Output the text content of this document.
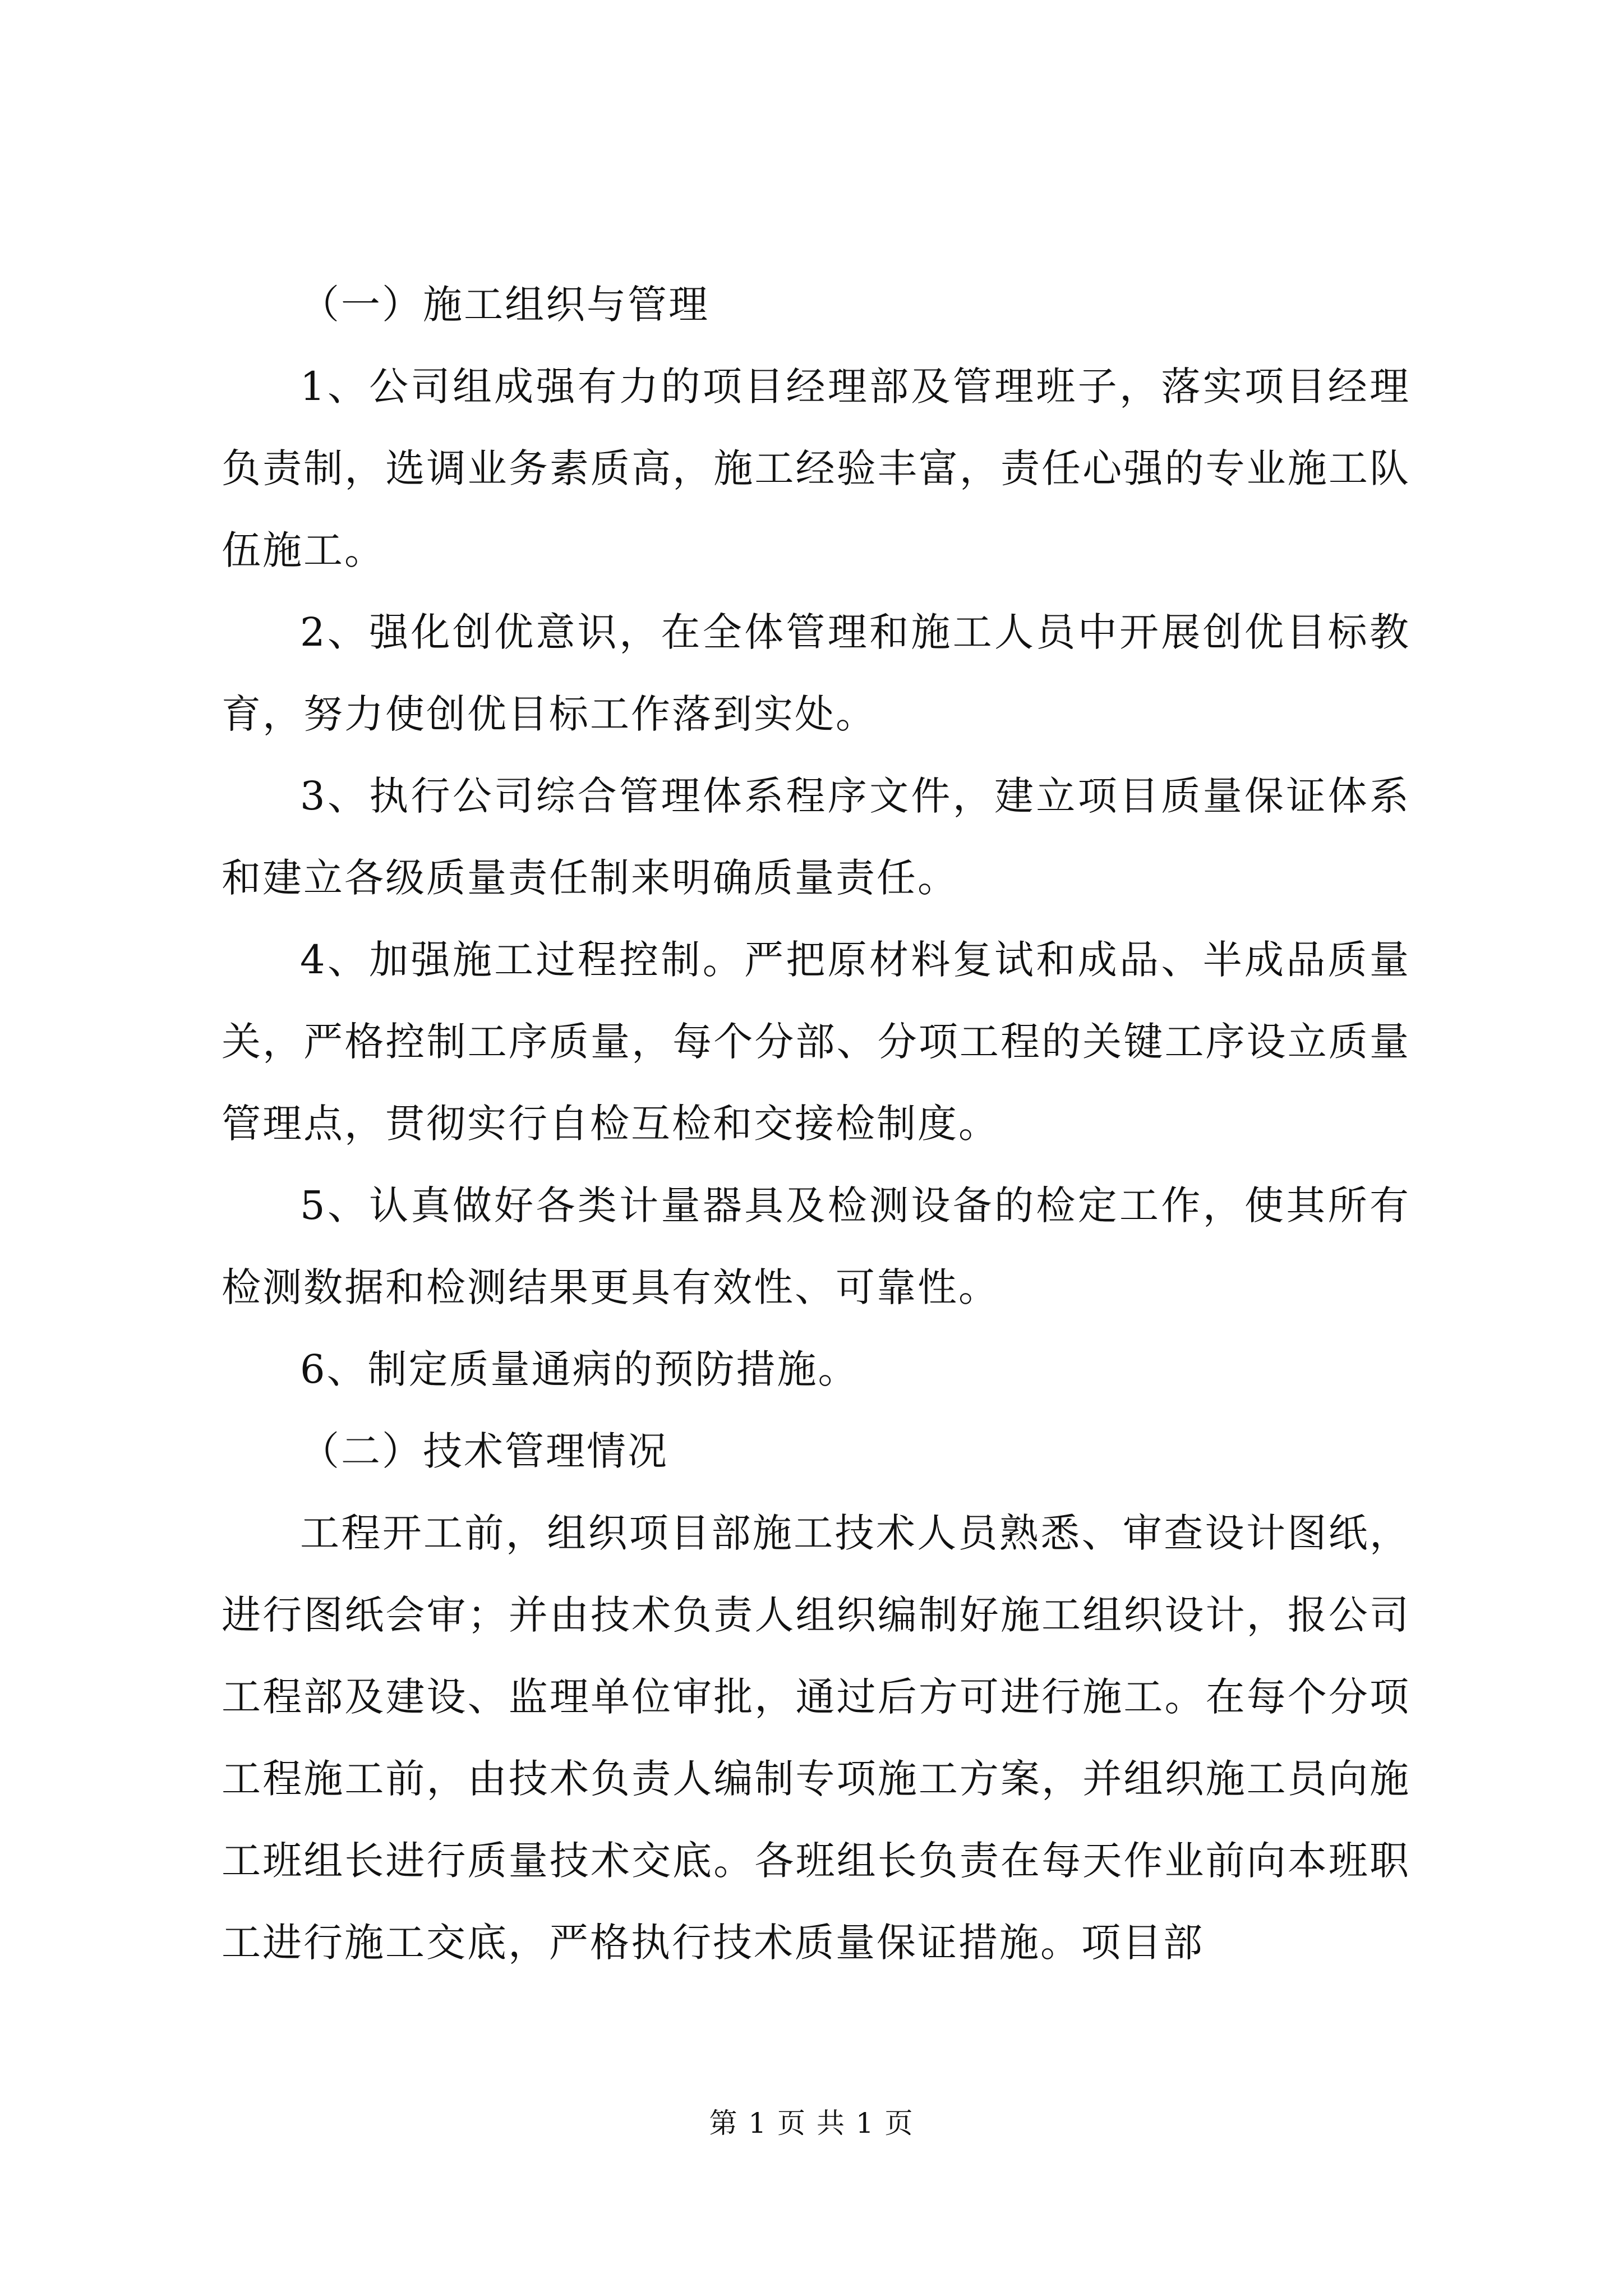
（一）施工组织与管理

1、公司组成强有力的项目经理部及管理班子，落实项目经理负责制，选调业务素质高，施工经验丰富，责任心强的专业施工队伍施工。

2、强化创优意识，在全体管理和施工人员中开展创优目标教育，努力使创优目标工作落到实处。

3、执行公司综合管理体系程序文件，建立项目质量保证体系和建立各级质量责任制来明确质量责任。

4、加强施工过程控制。严把原材料复试和成品、半成品质量关，严格控制工序质量，每个分部、分项工程的关键工序设立质量管理点，贯彻实行自检互检和交接检制度。

5、认真做好各类计量器具及检测设备的检定工作，使其所有检测数据和检测结果更具有效性、可靠性。

6、制定质量通病的预防措施。

（二）技术管理情况

工程开工前，组织项目部施工技术人员熟悉、审查设计图纸，进行图纸会审；并由技术负责人组织编制好施工组织设计，报公司工程部及建设、监理单位审批，通过后方可进行施工。在每个分项工程施工前，由技术负责人编制专项施工方案，并组织施工员向施工班组长进行质量技术交底。各班组长负责在每天作业前向本班职工进行施工交底，严格执行技术质量保证措施。项目部

第 1 页 共 1 页
